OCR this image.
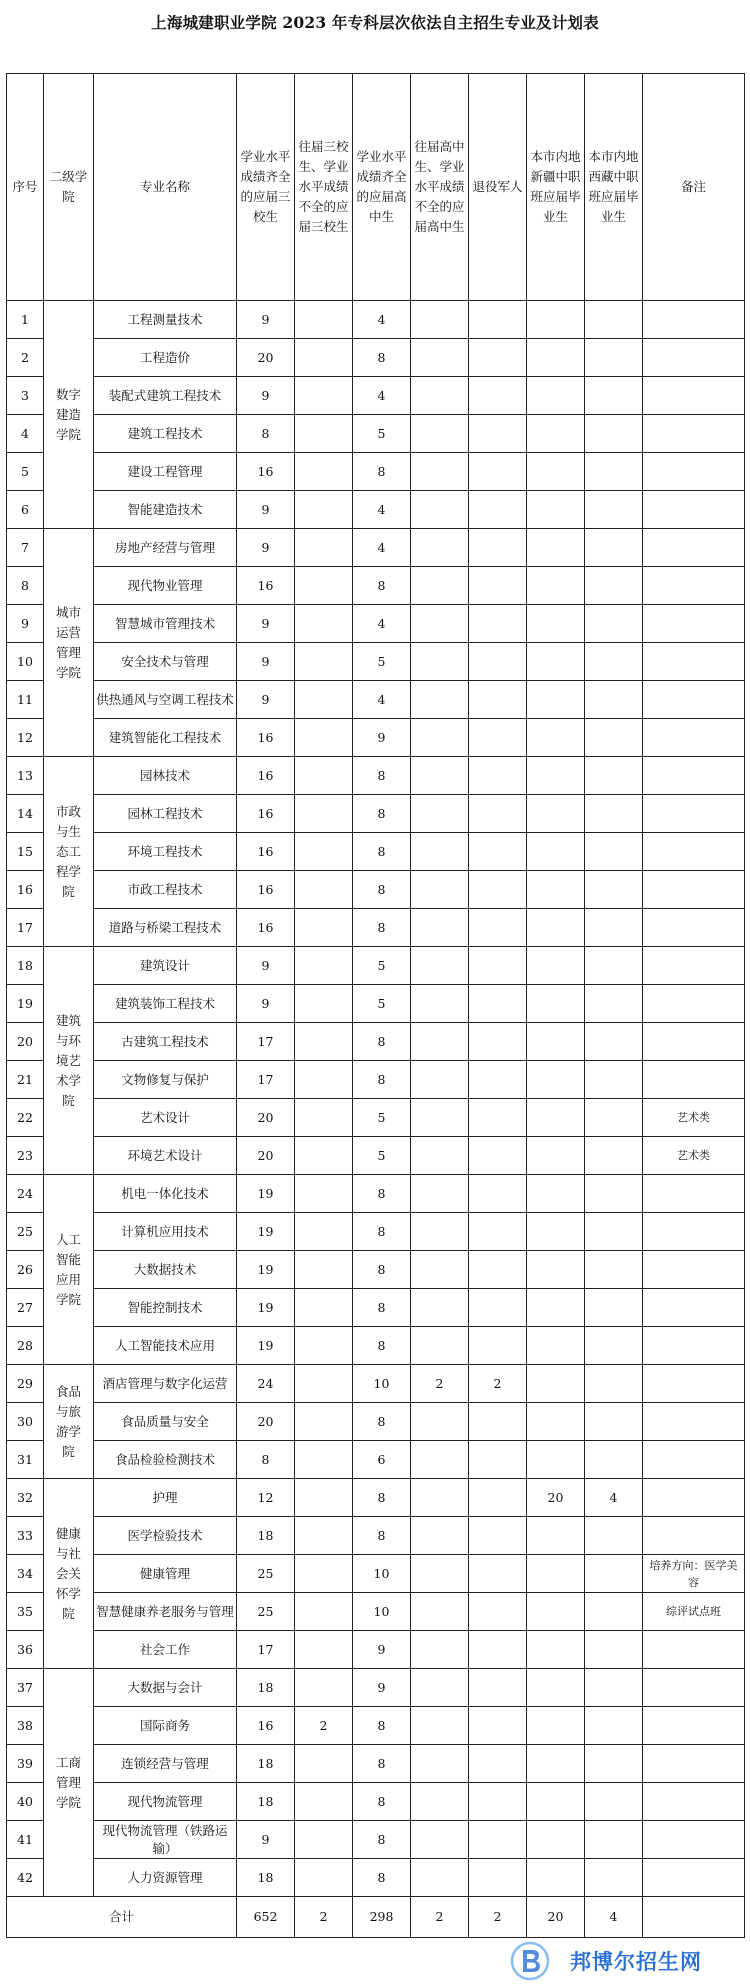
上海城建职业学院 2023 年专科层次依法自主招生专业及计划表
序号	二级学院	专业名称	学业水平成绩齐全的应届三校生	往届三校生、学业水平成绩不全的应届三校生	学业水平成绩齐全的应届高中生	往届高中生、学业水平成绩不全的应届高中生	退役军人	本市内地新疆中职班应届毕业生	本市内地西藏中职班应届毕业生	备注
1	数字建造学院	工程测量技术	9		4					
2		工程造价	20		8					
3		装配式建筑工程技术	9		4					
4		建筑工程技术	8		5					
5		建设工程管理	16		8					
6		智能建造技术	9		4					
7	城市运营管理学院	房地产经营与管理	9		4					
8		现代物业管理	16		8					
9		智慧城市管理技术	9		4					
10		安全技术与管理	9		5					
11		供热通风与空调工程技术	9		4					
12		建筑智能化工程技术	16		9					
13	市政与生态工程学院	园林技术	16		8					
14		园林工程技术	16		8					
15		环境工程技术	16		8					
16		市政工程技术	16		8					
17		道路与桥梁工程技术	16		8					
18	建筑与环境艺术学院	建筑设计	9		5					
19		建筑装饰工程技术	9		5					
20		古建筑工程技术	17		8					
21		文物修复与保护	17		8					
22		艺术设计	20		5					艺术类
23		环境艺术设计	20		5					艺术类
24	人工智能应用学院	机电一体化技术	19		8					
25		计算机应用技术	19		8					
26		大数据技术	19		8					
27		智能控制技术	19		8					
28		人工智能技术应用	19		8					
29	食品与旅游学院	酒店管理与数字化运营	24		10	2	2			
30		食品质量与安全	20		8					
31		食品检验检测技术	8		6					
32	健康与社会关怀学院	护理	12		8			20	4	
33		医学检验技术	18		8					
34		健康管理	25		10					培养方向：医学美容
35		智慧健康养老服务与管理	25		10					综评试点班
36		社会工作	17		9					
37	工商管理学院	大数据与会计	18		9					
38		国际商务	16	2	8					
39		连锁经营与管理	18		8					
40		现代物流管理	18		8					
41		现代物流管理（铁路运输）	9		8					
42		人力资源管理	18		8					
合计			652	2	298	2	2	20	4	
邦博尔招生网
